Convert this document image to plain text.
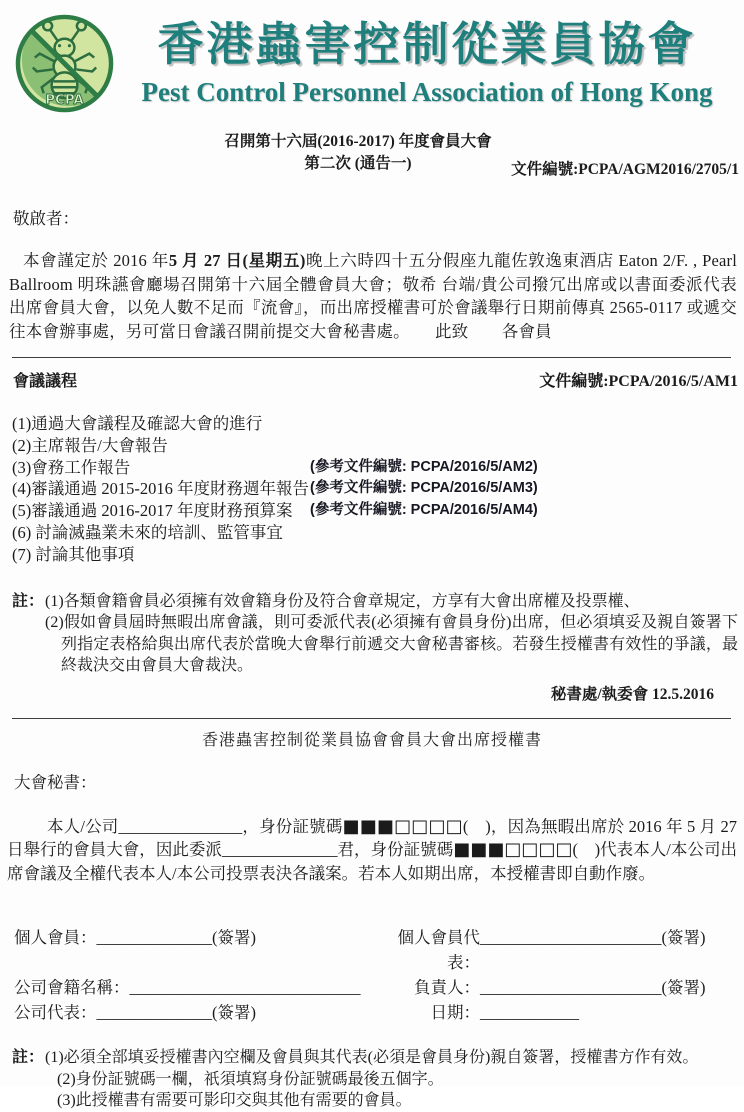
PCPA
香港蟲害控制從業員協會
Pest Control Personnel Association of Hong Kong
召開第十六屆(2016-2017) 年度會員大會
第二次 (通告一)	文件編號:PCPA/AGM2016/2705/1
敬啟者：

本會謹定於 2016 年5 月 27 日(星期五)晚上六時四十五分假座九龍佐敦逸東酒店 Eaton 2/F. , Pearl Ballroom 明珠讌會廳場召開第十六屆全體會員大會；敬希 台端/貴公司撥冗出席或以書面委派代表出席會員大會，以免人數不足而『流會』，而出席授權書可於會議舉行日期前傳真 2565-0117 或遞交往本會辦事處，另可當日會議召開前提交大會秘書處。　　此致　　各會員

會議議程	文件編號:PCPA/2016/5/AM1
(1)通過大會議程及確認大會的進行
(2)主席報告/大會報告
(3)會務工作報告	(參考文件編號: PCPA/2016/5/AM2)
(4)審議通過 2015-2016 年度財務週年報告 (參考文件編號: PCPA/2016/5/AM3)
(5)審議通過 2016-2017 年度財務預算案	(參考文件編號: PCPA/2016/5/AM4)
(6) 討論滅蟲業未來的培訓、監管事宜
(7) 討論其他事項
註： (1)各類會籍會員必須擁有效會籍身份及符合會章規定，方享有大會出席權及投票權、
(2)假如會員屆時無暇出席會議，則可委派代表(必須擁有會員身份)出席，但必須填妥及親自簽署下列指定表格給與出席代表於當晚大會舉行前遞交大會秘書審核。若發生授權書有效性的爭議，最終裁決交由會員大會裁決。
秘書處/執委會 12.5.2016
香港蟲害控制從業員協會會員大會出席授權書
大會秘書：

本人/公司_______________，身份証號碼■■■□□□□(　)，因為無暇出席於 2016 年 5 月 27 日舉行的會員大會，因此委派______________君，身份証號碼■■■□□□□(　)代表本人/本公司出席會議及全權代表本人/本公司投票表決各議案。若本人如期出席，本授權書即自動作廢。

個人會員：______________(簽署)	個人會員代表：
______________________ (簽署)
公司會籍名稱：____________________________	負責人： ______________________ (簽署)
公司代表：______________(簽署)	日期： ____________
註： (1)必須全部填妥授權書內空欄及會員與其代表(必須是會員身份)親自簽署，授權書方作有效。
(2)身份証號碼一欄，祇須填寫身份証號碼最後五個字。
(3)此授權書有需要可影印交與其他有需要的會員。
